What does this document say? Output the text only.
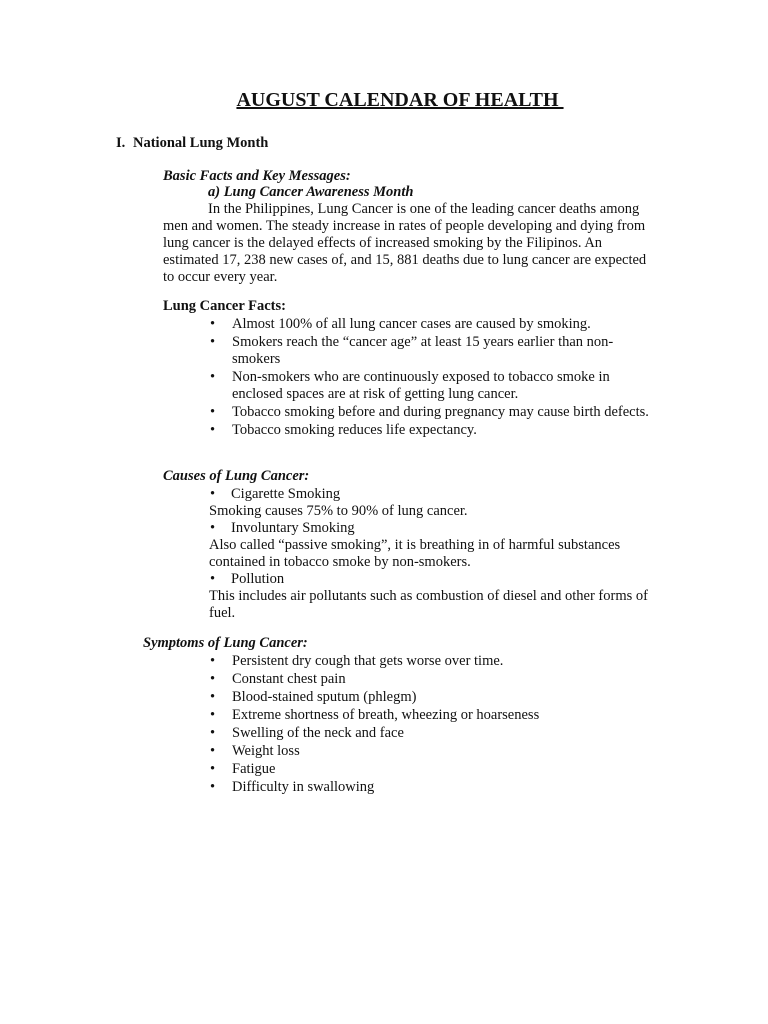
AUGUST CALENDAR OF HEALTH
I. National Lung Month
Basic Facts and Key Messages:
a) Lung Cancer Awareness Month
In the Philippines, Lung Cancer is one of the leading cancer deaths among men and women. The steady increase in rates of people developing and dying from lung cancer is the delayed effects of increased smoking by the Filipinos. An estimated 17, 238 new cases of, and 15, 881 deaths due to lung cancer are expected to occur every year.
Lung Cancer Facts:
•	Almost 100% of all lung cancer cases are caused by smoking.
•	Smokers reach the “cancer age” at least 15 years earlier than non-smokers
•	Non-smokers who are continuously exposed to tobacco smoke in enclosed spaces are at risk of getting lung cancer.
•	Tobacco smoking before and during pregnancy may cause birth defects.
•	Tobacco smoking reduces life expectancy.
Causes of Lung Cancer:
• Cigarette Smoking
Smoking causes 75% to 90% of lung cancer.
• Involuntary Smoking
Also called “passive smoking”, it is breathing in of harmful substances contained in tobacco smoke by non-smokers.
• Pollution
This includes air pollutants such as combustion of diesel and other forms of fuel.
Symptoms of Lung Cancer:
•	Persistent dry cough that gets worse over time.
•	Constant chest pain
•	Blood-stained sputum (phlegm)
•	Extreme shortness of breath, wheezing or hoarseness
•	Swelling of the neck and face
•	Weight loss
•	Fatigue
•	Difficulty in swallowing
